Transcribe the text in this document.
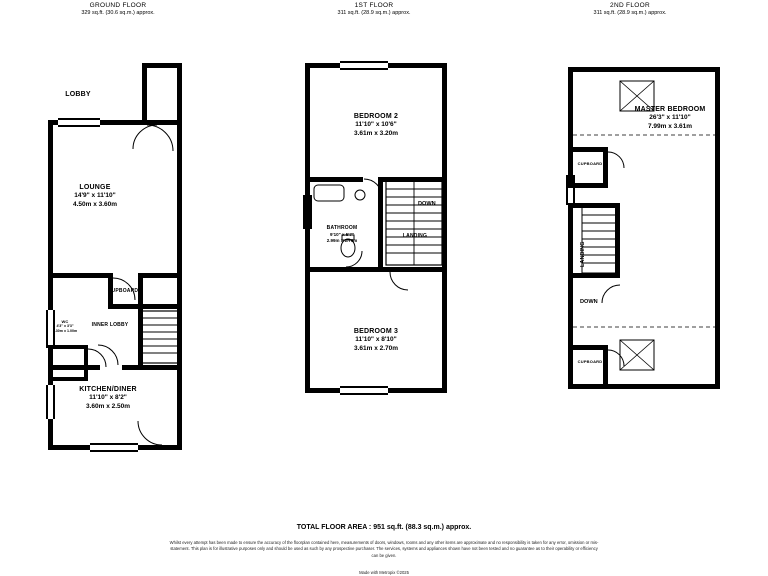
GROUND FLOOR
329 sq.ft. (30.6 sq.m.) approx.
1ST FLOOR
311 sq.ft. (28.9 sq.m.) approx.
2ND FLOOR
311 sq.ft. (28.9 sq.m.) approx.
LOBBY
LOUNGE
14'9" x 11'10"
4.50m x 3.60m
CUPBOARD
INNER LOBBY
WC
4'3" x 3'3"
1.30m x 1.00m
KITCHEN/DINER
11'10" x 8'2"
3.60m x 2.50m
BEDROOM 2
11'10" x 10'6"
3.61m x 3.20m
BATHROOM
9'10" x 5'7"
2.99m x 1.70m
LANDING
DOWN
BEDROOM 3
11'10" x 8'10"
3.61m x 2.70m
MASTER BEDROOM
26'3" x 11'10"
7.99m x 3.61m
CUPBOARD
LANDING
DOWN
CUPBOARD
TOTAL FLOOR AREA : 951 sq.ft. (88.3 sq.m.) approx.
Whilst every attempt has been made to ensure the accuracy of the floorplan contained here, measurements of doors, windows, rooms and any other items are approximate and no responsibility is taken for any error, omission or mis-statement. This plan is for illustrative purposes only and should be used as such by any prospective purchaser. The services, systems and appliances shown have not been tested and no guarantee as to their operability or efficiency can be given.
Made with Metropix ©2025
